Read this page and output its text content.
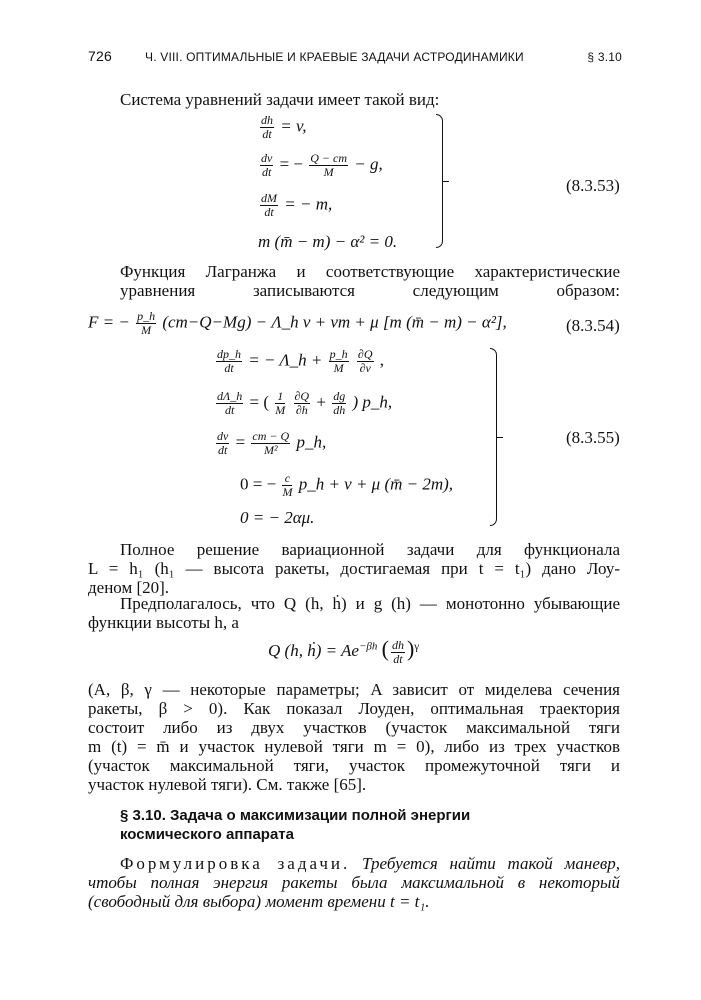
726	Ч. VIII. ОПТИМАЛЬНЫЕ И КРАЕВЫЕ ЗАДАЧИ АСТРОДИНАМИКИ	§ 3.10
Система уравнений задачи имеет такой вид:
$\frac{dh}{dt} = v$,
$\frac{dv}{dt}$ = − $\frac{Q - cm}{M} - g$,
$\frac{dM}{dt}$ = − m,
m (m̄ − m) − α² = 0.
(8.3.53)
Функция Лагранжа и соответствующие характеристические
уравнения записываются следующим образом:
F = − $\frac{p\_h}{M} (cm-Q-Mg)$ − Λ_h v + νm + μ [m (m̄ − m) − α²],	(8.3.54)
$\frac{dp\_h}{dt}$ = − Λ_h + $\frac{p\_h}{M}$
$\frac{\partial Q}{\partial v}$ ,
$\frac{d\Lambda\_h}{dt}$ = ( $\frac{1}{M}$
$\frac{\partial Q}{\partial h} + \frac{dg}{dh}$ ) p_h,
$\frac{d\nu}{dt} = \frac{cm - Q}{\text{M²}}$ p_h,
0 = − $\frac{c}{M}$ p_h + ν + μ (m̄ − 2m),
0 = − 2αμ.
(8.3.55)
Полное решение вариационной задачи для функционала
L = h₁ (h₁ — высота ракеты, достигаемая при t = t₁) дано Лоу-
деном [20].
Предполагалось, что Q (h, ḣ) и g (h) — монотонно убывающие
функции высоты h, а
Q (h, ḣ) = $Ae^{-\beta h}$ ( $\frac{dh}{dt} )^\gamma$
(A, β, γ — некоторые параметры; A зависит от миделева сечения
ракеты, β > 0). Как показал Лоуден, оптимальная траектория
состоит либо из двух участков (участок максимальной тяги
m (t) = m̄ и участок нулевой тяги m = 0), либо из трех участков
(участок максимальной тяги, участок промежуточной тяги и
участок нулевой тяги). См. также [65].
§ 3.10. Задача о максимизации полной энергии
космического аппарата
Формулировка задачи. Требуется найти такой маневр,
чтобы полная энергия ракеты была максимальной в некоторый
(свободный для выбора) момент времени t = t₁.
